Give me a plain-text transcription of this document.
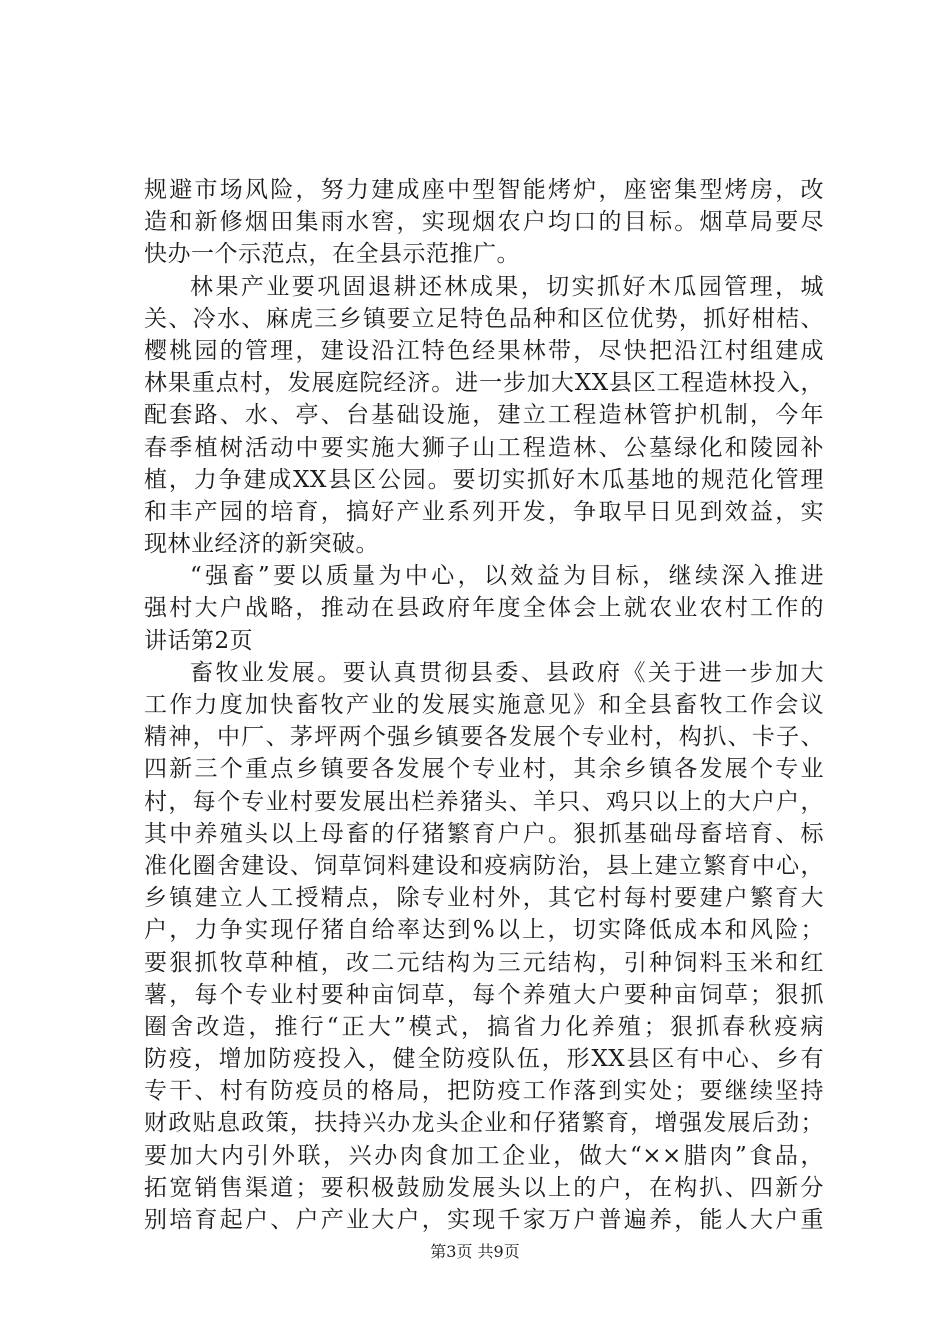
规避市场风险，努力建成座中型智能烤炉，座密集型烤房，改
造和新修烟田集雨水窖，实现烟农户均口的目标。烟草局要尽
快办一个示范点，在全县示范推广。
林果产业要巩固退耕还林成果，切实抓好木瓜园管理，城
关、冷水、麻虎三乡镇要立足特色品种和区位优势，抓好柑桔、
樱桃园的管理，建设沿江特色经果林带，尽快把沿江村组建成
林果重点村，发展庭院经济。进一步加大XX县区工程造林投入，
配套路、水、亭、台基础设施，建立工程造林管护机制，今年
春季植树活动中要实施大狮子山工程造林、公墓绿化和陵园补
植，力争建成XX县区公园。要切实抓好木瓜基地的规范化管理
和丰产园的培育，搞好产业系列开发，争取早日见到效益，实
现林业经济的新突破。
“强畜”要以质量为中心，以效益为目标，继续深入推进
强村大户战略，推动在县政府年度全体会上就农业农村工作的
讲话第2页
畜牧业发展。要认真贯彻县委、县政府《关于进一步加大
工作力度加快畜牧产业的发展实施意见》和全县畜牧工作会议
精神，中厂、茅坪两个强乡镇要各发展个专业村，构扒、卡子、
四新三个重点乡镇要各发展个专业村，其余乡镇各发展个专业
村，每个专业村要发展出栏养猪头、羊只、鸡只以上的大户户，
其中养殖头以上母畜的仔猪繁育户户。狠抓基础母畜培育、标
准化圈舍建设、饲草饲料建设和疫病防治，县上建立繁育中心，
乡镇建立人工授精点，除专业村外，其它村每村要建户繁育大
户，力争实现仔猪自给率达到%以上，切实降低成本和风险；
要狠抓牧草种植，改二元结构为三元结构，引种饲料玉米和红
薯，每个专业村要种亩饲草，每个养殖大户要种亩饲草；狠抓
圈舍改造，推行“正大”模式，搞省力化养殖；狠抓春秋疫病
防疫，增加防疫投入，健全防疫队伍，形XX县区有中心、乡有
专干、村有防疫员的格局，把防疫工作落到实处；要继续坚持
财政贴息政策，扶持兴办龙头企业和仔猪繁育，增强发展后劲；
要加大内引外联，兴办肉食加工企业，做大“××腊肉”食品，
拓宽销售渠道；要积极鼓励发展头以上的户，在构扒、四新分
别培育起户、户产业大户，实现千家万户普遍养，能人大户重
第3页 共9页
